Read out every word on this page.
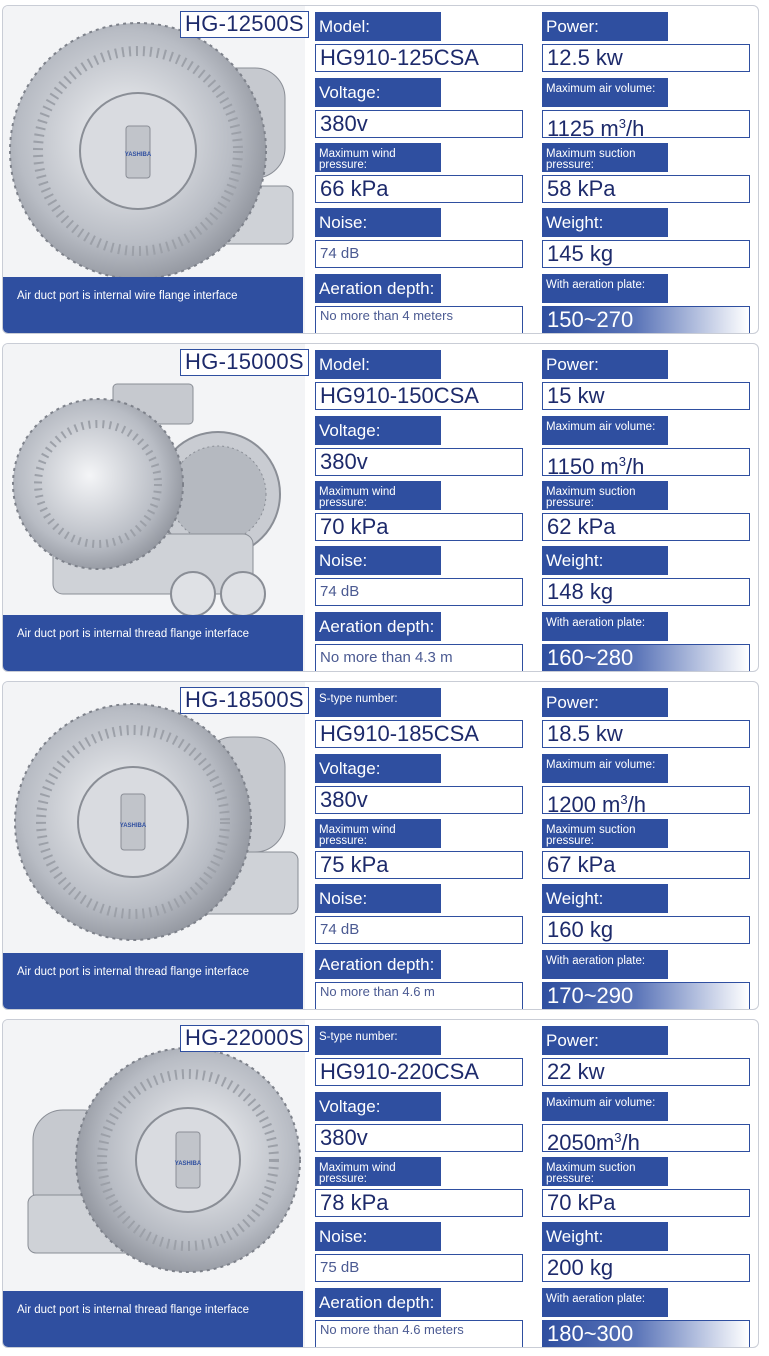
YASHIBA
Air duct port is internal wire flange interface
HG-12500S Model:
HG910-125CSA
Power:
12.5 kw
Voltage:
380v
Maximum air volume:
1125 $m^3/h$
Maximum wind pressure:
66 kPa
Maximum suction pressure:
58 kPa
Noise:
74 dB
Weight:
145 kg
Aeration depth:
No more than 4 meters
With aeration plate:
150~270
Air duct port is internal thread flange interface
HG-15000S Model:
HG910-150CSA
Power:
15 kw
Voltage:
380v
Maximum air volume:
1150 $m^3/h$
Maximum wind pressure:
70 kPa
Maximum suction pressure:
62 kPa
Noise:
74 dB
Weight:
148 kg
Aeration depth:
No more than 4.3 m
With aeration plate:
160~280
YASHIBA
Air duct port is internal thread flange interface
HG-18500S	S-type number:
HG910-185CSA
Power:
18.5 kw
Voltage:
380v
Maximum air volume:
1200 $m^3/h$
Maximum wind pressure:
75 kPa
Maximum suction pressure:
67 kPa
Noise:
74 dB
Weight:
160 kg
Aeration depth:
No more than 4.6 m
With aeration plate:
170~290
YASHIBA
Air duct port is internal thread flange interface
HG-22000S	S-type number:
HG910-220CSA
Power:
22 kw
Voltage:
380v
Maximum air volume:
$2050m^3/h$
Maximum wind pressure:
78 kPa
Maximum suction pressure:
70 kPa
Noise:
75 dB
Weight:
200 kg
Aeration depth:
No more than 4.6 meters
With aeration plate:
180~300
